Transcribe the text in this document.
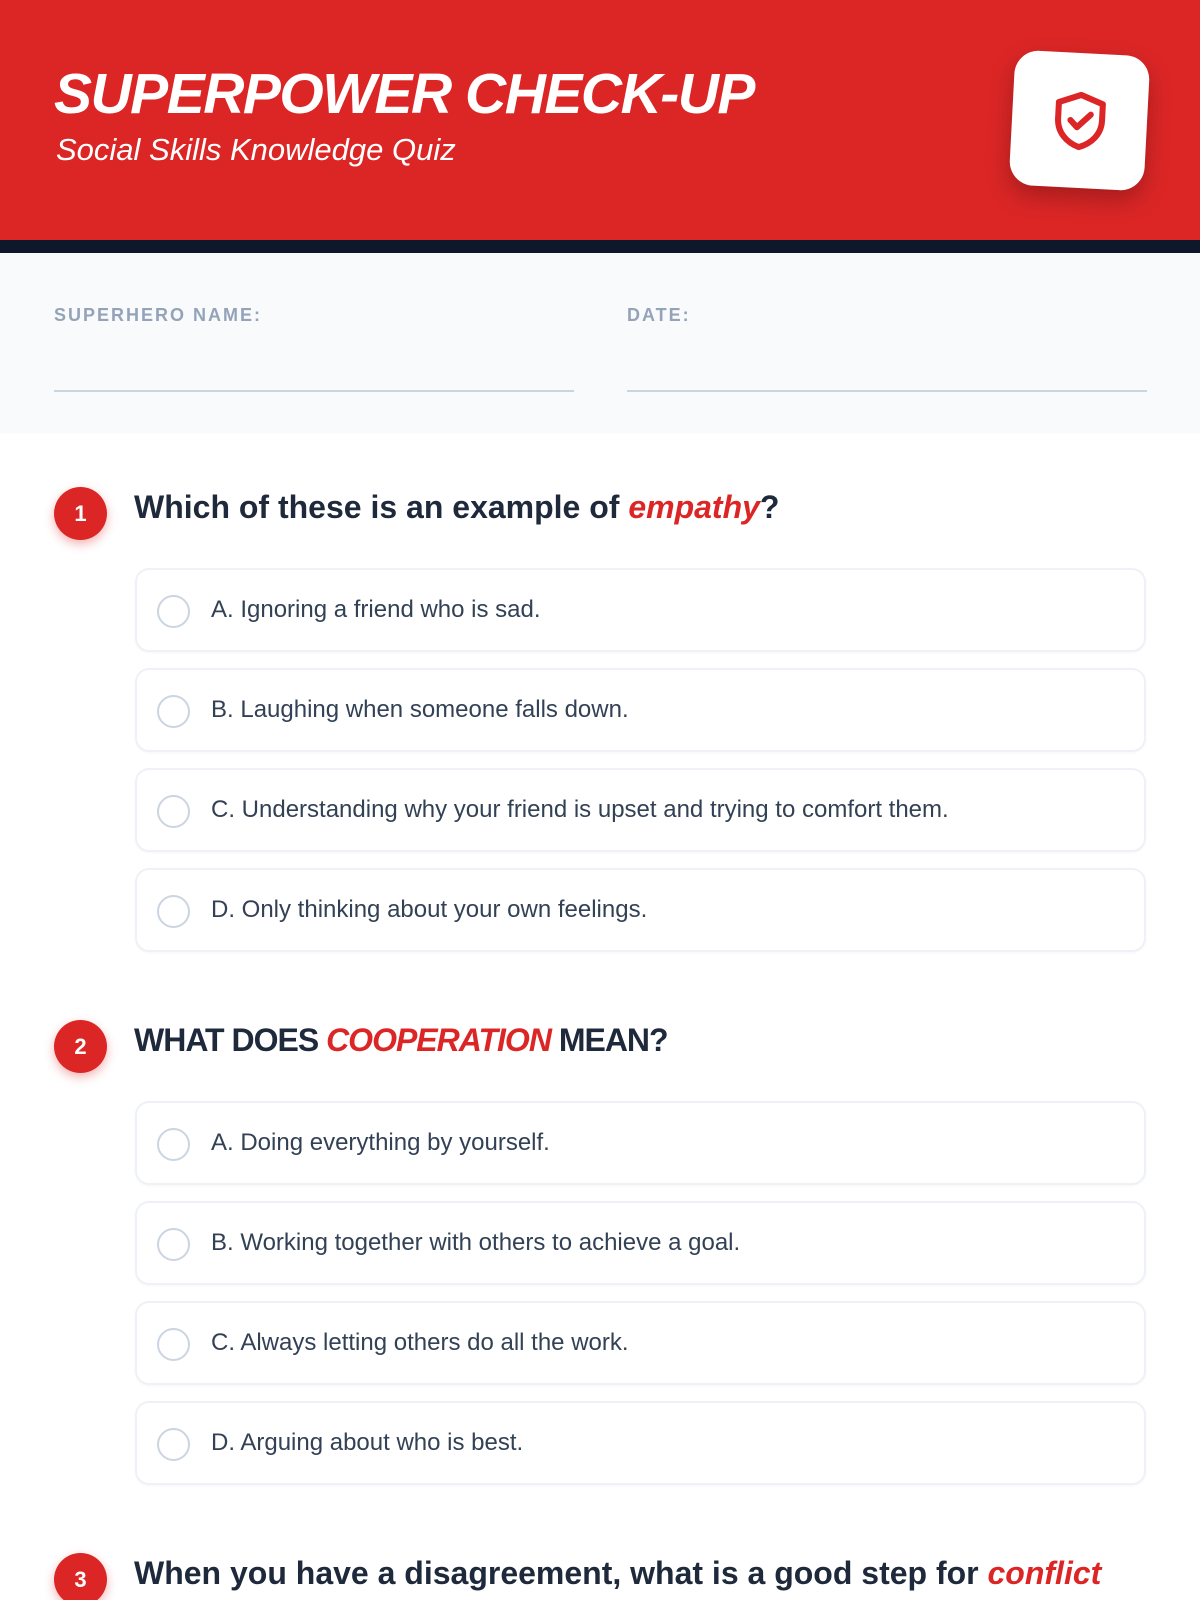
SUPERPOWER CHECK-UP
Social Skills Knowledge Quiz
SUPERHERO NAME:	DATE:
1	Which of these is an example of empathy?
A. Ignoring a friend who is sad.
B. Laughing when someone falls down.
C. Understanding why your friend is upset and trying to comfort them.
D. Only thinking about your own feelings.
2	WHAT DOES COOPERATION MEAN?
A. Doing everything by yourself.
B. Working together with others to achieve a goal.
C. Always letting others do all the work.
D. Arguing about who is best.
3	When you have a disagreement, what is a good step for conflict
